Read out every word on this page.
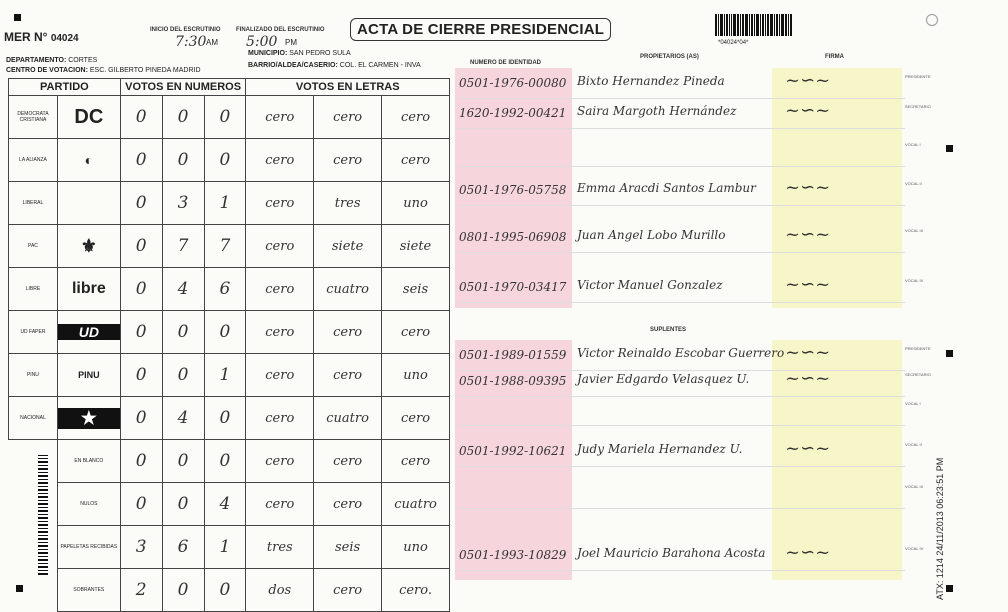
MER N° 04024
INICIO DEL ESCRUTINIO
7:30 AM
FINALIZADO DEL ESCRUTINIO
5:00 PM
ACTA DE CIERRE PRESIDENCIAL
*04024*04*
DEPARTAMENTO: CORTES
MUNICIPIO: SAN PEDRO SULA
CENTRO DE VOTACION: ESC. GILBERTO PINEDA MADRID
BARRIO/ALDEA/CASERIO: COL. EL CARMEN - INVA	NUMERO DE IDENTIDAD
PROPIETARIOS (AS)	FIRMA
PARTIDO		VOTOS EN NUMEROS			VOTOS EN LETRAS		
DEMOCRATA CRISTIANA	DC	0	0	0	cero	cero	cero
LA ALIANZA	◐	0	0	0	cero	cero	cero
LIBERAL		0	3	1	cero	tres	uno
PAC	⚜	0	7	7	cero	siete	siete
LIBRE	libre	0	4	6	cero	cuatro	seis
UD FAPER	UD	0	0	0	cero	cero	cero
PINU	PINU	0	0	1	cero	cero	uno
NACIONAL	★	0	4	0	cero	cuatro	cero
	EN BLANCO	0	0	0	cero	cero	cero
	NULOS	0	0	4	cero	cero	cuatro
	PAPELETAS RECIBIDAS	3	6	1	tres	seis	uno
	SOBRANTES	2	0	0	dos	cero	cero.
SUPLENTES
0501-1976-00080 Bixto Hernandez Pineda	~∽~	PRESIDENTE
1620-1992-00421 Saira Margoth Hernández	~∽~	SECRETARIO
VOCAL I
0501-1976-05758 Emma Aracdi Santos Lambur ~∽~	VOCAL II
0801-1995-06908 Juan Angel Lobo Murillo	~∽~	VOCAL III
0501-1970-03417 Victor Manuel Gonzalez	~∽~	VOCAL IV
0501-1989-01559 Victor Reinaldo Escobar Guerrero ~∽~	PRESIDENTE
0501-1988-09395 Javier Edgardo Velasquez U. ~∽~	SECRETARIO
VOCAL I
0501-1992-10621 Judy Mariela Hernandez U. ~∽~	VOCAL II
VOCAL III
0501-1993-10829 Joel Mauricio Barahona Acosta ~∽~	VOCAL IV ATX: 1214 24/11/2013 06:23:51 PM
